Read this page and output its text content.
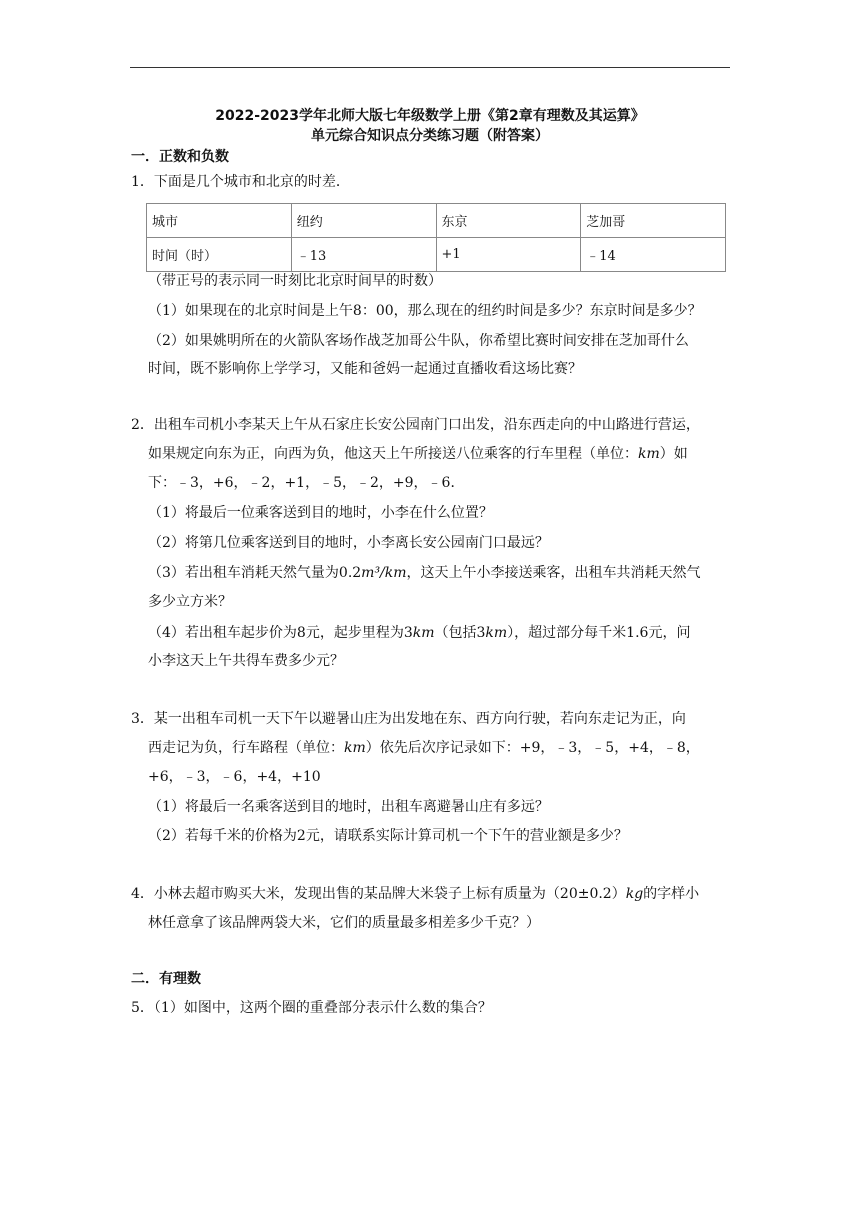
2022-2023学年北师大版七年级数学上册《第2章有理数及其运算》
单元综合知识点分类练习题（附答案）
一．正数和负数
1．下面是几个城市和北京的时差．
城市	纽约	东京	芝加哥
时间（时）	﹣13	+1	﹣14
（带正号的表示同一时刻比北京时间早的时数）
（1）如果现在的北京时间是上午8：00，那么现在的纽约时间是多少？东京时间是多少？
（2）如果姚明所在的火箭队客场作战芝加哥公牛队，你希望比赛时间安排在芝加哥什么
时间，既不影响你上学学习，又能和爸妈一起通过直播收看这场比赛？
2．出租车司机小李某天上午从石家庄长安公园南门口出发，沿东西走向的中山路进行营运，
如果规定向东为正，向西为负，他这天上午所接送八位乘客的行车里程（单位：km）如
下：﹣3，+6，﹣2，+1，﹣5，﹣2，+9，﹣6．
（1）将最后一位乘客送到目的地时，小李在什么位置？
（2）将第几位乘客送到目的地时，小李离长安公园南门口最远？
（3）若出租车消耗天然气量为0.2m³/km，这天上午小李接送乘客，出租车共消耗天然气
多少立方米？
（4）若出租车起步价为8元，起步里程为3km（包括3km），超过部分每千米1.6元，问
小李这天上午共得车费多少元？
3．某一出租车司机一天下午以避暑山庄为出发地在东、西方向行驶，若向东走记为正，向
西走记为负，行车路程（单位：km）依先后次序记录如下：+9，﹣3，﹣5，+4，﹣8，
+6，﹣3，﹣6，+4，+10
（1）将最后一名乘客送到目的地时，出租车离避暑山庄有多远？
（2）若每千米的价格为2元，请联系实际计算司机一个下午的营业额是多少？
4．小林去超市购买大米，发现出售的某品牌大米袋子上标有质量为（20±0.2）kg的字样小
林任意拿了该品牌两袋大米，它们的质量最多相差多少千克？）
二．有理数
5．（1）如图中，这两个圈的重叠部分表示什么数的集合？
